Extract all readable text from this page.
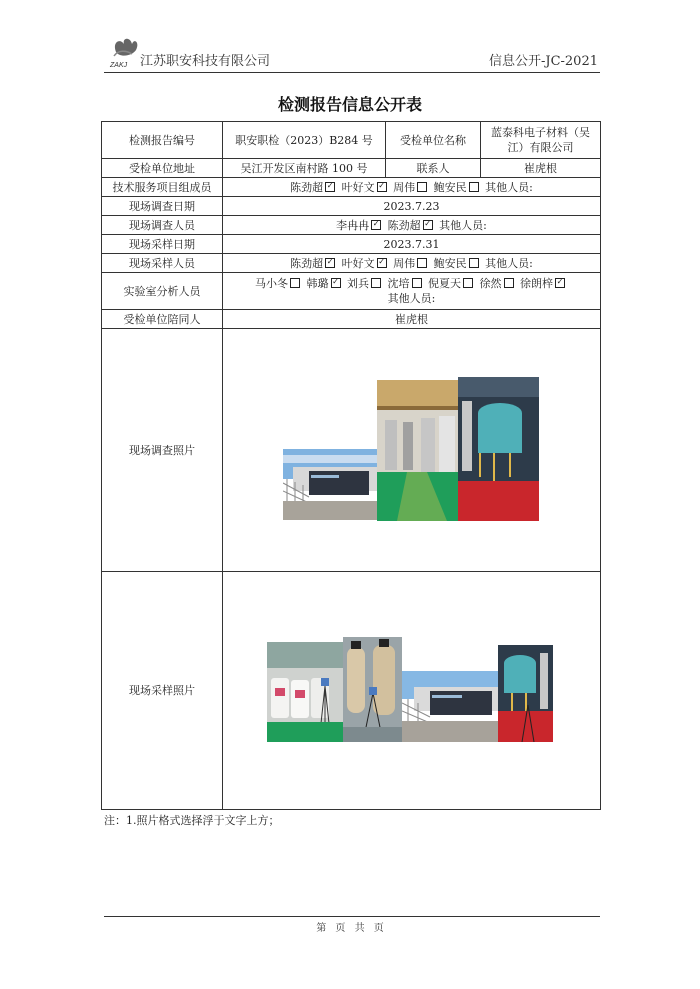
ZAKJ 江苏职安科技有限公司	信息公开-JC-2021
检测报告信息公开表
检测报告编号	职安职检（2023）B284 号	受检单位名称	蓝泰科电子材料（吴江）有限公司
受检单位地址	吴江开发区南村路 100 号	联系人	崔虎根
技术服务项目组成员	陈劲超 ✓ 叶好文 ✓ 周伟 鲍安民 其他人员:
现场调查日期	2023.7.23		
现场调查人员	李冉冉 ✓ 陈劲超 ✓ 其他人员:
现场采样日期	2023.7.31		
现场采样人员	陈劲超 ✓ 叶好文 ✓ 周伟 鲍安民 其他人员:
实验室分析人员	马小冬 韩璐 ✓ 刘兵 沈培 倪夏天 徐然 徐朗梓✓
其他人员:
受检单位陪同人	崔虎根		
现场调查照片			
现场采样照片			
注：1.照片格式选择浮于文字上方；
第 页 共 页
